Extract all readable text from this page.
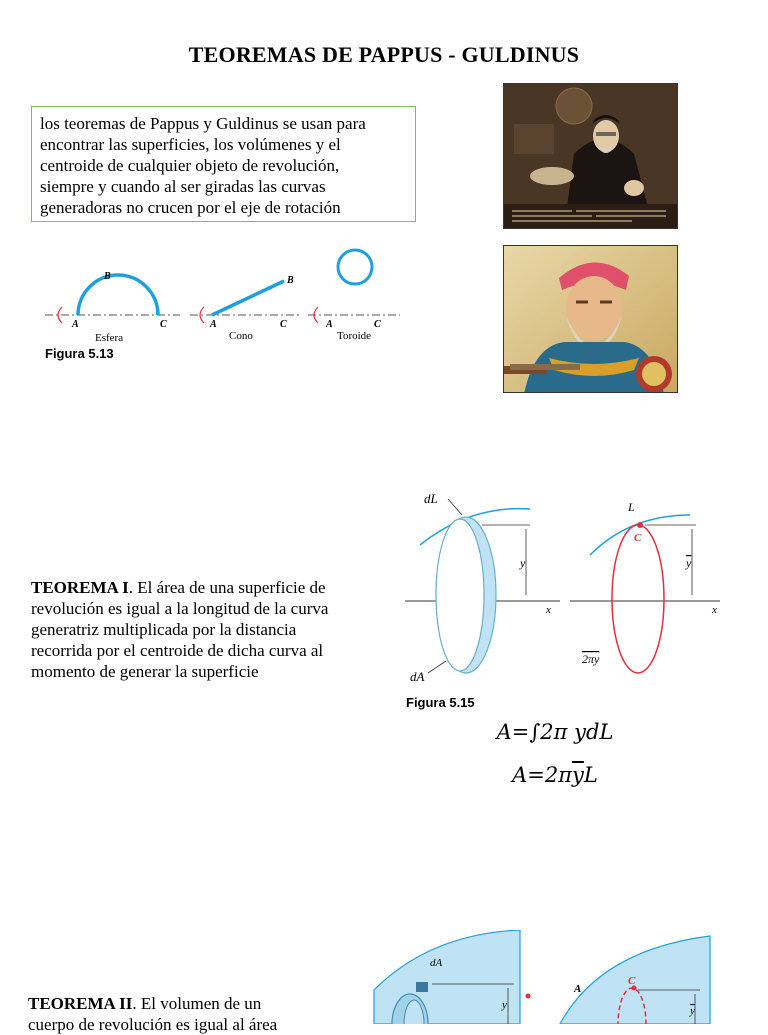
TEOREMAS DE PAPPUS - GULDINUS
los teoremas de Pappus y Guldinus se usan para
encontrar las superficies, los volúmenes y el
centroide de cualquier objeto de revolución,
siempre y cuando al ser giradas las curvas
generadoras no crucen por el eje de rotación
A
B
C	A
B
C	A	C
Esfera	Cono	Toroide
Figura 5.13
TEOREMA I. El área de una superficie de
revolución es igual a la longitud de la curva
generatriz multiplicada por la distancia
recorrida por el centroide de dicha curva al
momento de generar la superficie
y
x
dL
dA
Figura 5.15
L
C
y
x
2πy
A=∫2π ydL
$A=2\pi\overline{y}L$
TEOREMA II. El volumen de un
cuerpo de revolución es igual al área
dA
y
A
C
y
